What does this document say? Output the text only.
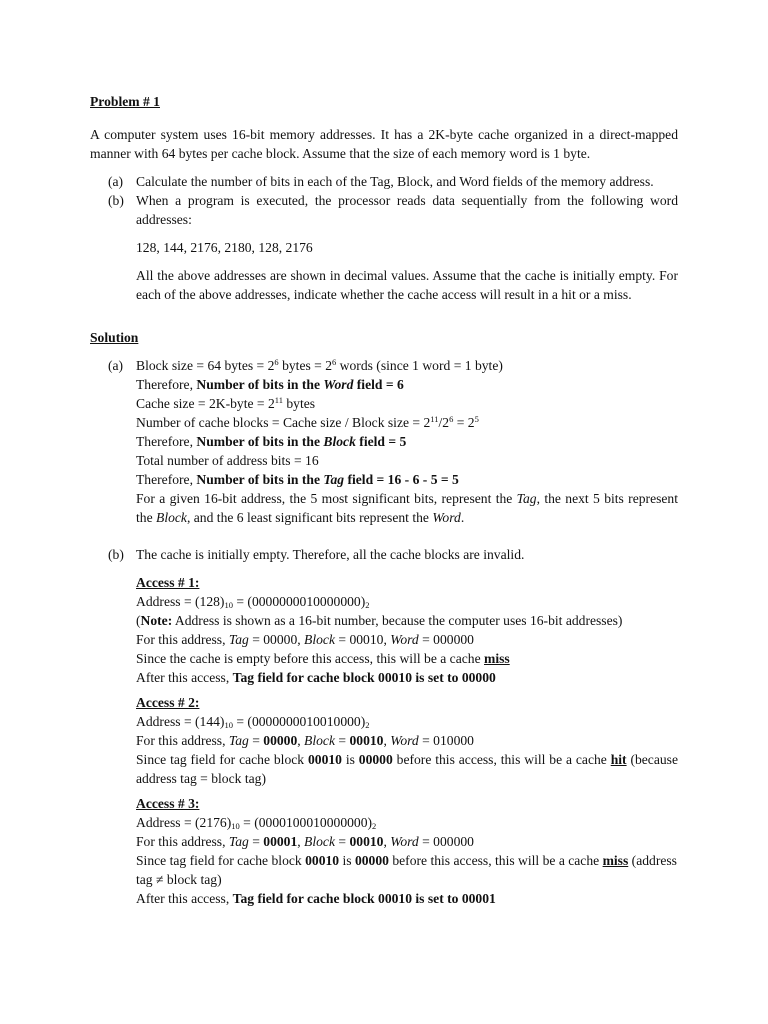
Problem # 1

A computer system uses 16-bit memory addresses. It has a 2K-byte cache organized in a direct-mapped manner with 64 bytes per cache block. Assume that the size of each memory word is 1 byte.

(a) Calculate the number of bits in each of the Tag, Block, and Word fields of the memory address.
(b) When a program is executed, the processor reads data sequentially from the following word addresses:

128, 144, 2176, 2180, 128, 2176

All the above addresses are shown in decimal values. Assume that the cache is initially empty. For each of the above addresses, indicate whether the cache access will result in a hit or a miss.

Solution

(a) Block size = 64 bytes = $2^6$ bytes = $2^6$ words (since 1 word = 1 byte)
Therefore, Number of bits in the Word field = 6
Cache size = 2K-byte = $2^{11}$ bytes
Number of cache blocks = Cache size / Block size = $2^{11}/2^6 = 2^5$
Therefore, Number of bits in the Block field = 5
Total number of address bits = 16
Therefore, Number of bits in the Tag field = 16 - 6 - 5 = 5
For a given 16-bit address, the 5 most significant bits, represent the Tag, the next 5 bits represent the Block, and the 6 least significant bits represent the Word.
(b) The cache is initially empty. Therefore, all the cache blocks are invalid.
Access # 1:
Address = $(128)_{10} = (0000000010000000)_2$
(Note: Address is shown as a 16-bit number, because the computer uses 16-bit addresses)
For this address, Tag = 00000, Block = 00010, Word = 000000
Since the cache is empty before this access, this will be a cache miss
After this access, Tag field for cache block 00010 is set to 00000
Access # 2:
Address = $(144)_{10} = (0000000010010000)_2$
For this address, Tag = 00000, Block = 00010, Word = 010000
Since tag field for cache block 00010 is 00000 before this access, this will be a cache hit (because address tag = block tag)
Access # 3:
Address = $(2176)_{10} = (0000100010000000)_2$
For this address, Tag = 00001, Block = 00010, Word = 000000
Since tag field for cache block 00010 is 00000 before this access, this will be a cache miss (address tag ≠ block tag)
After this access, Tag field for cache block 00010 is set to 00001
